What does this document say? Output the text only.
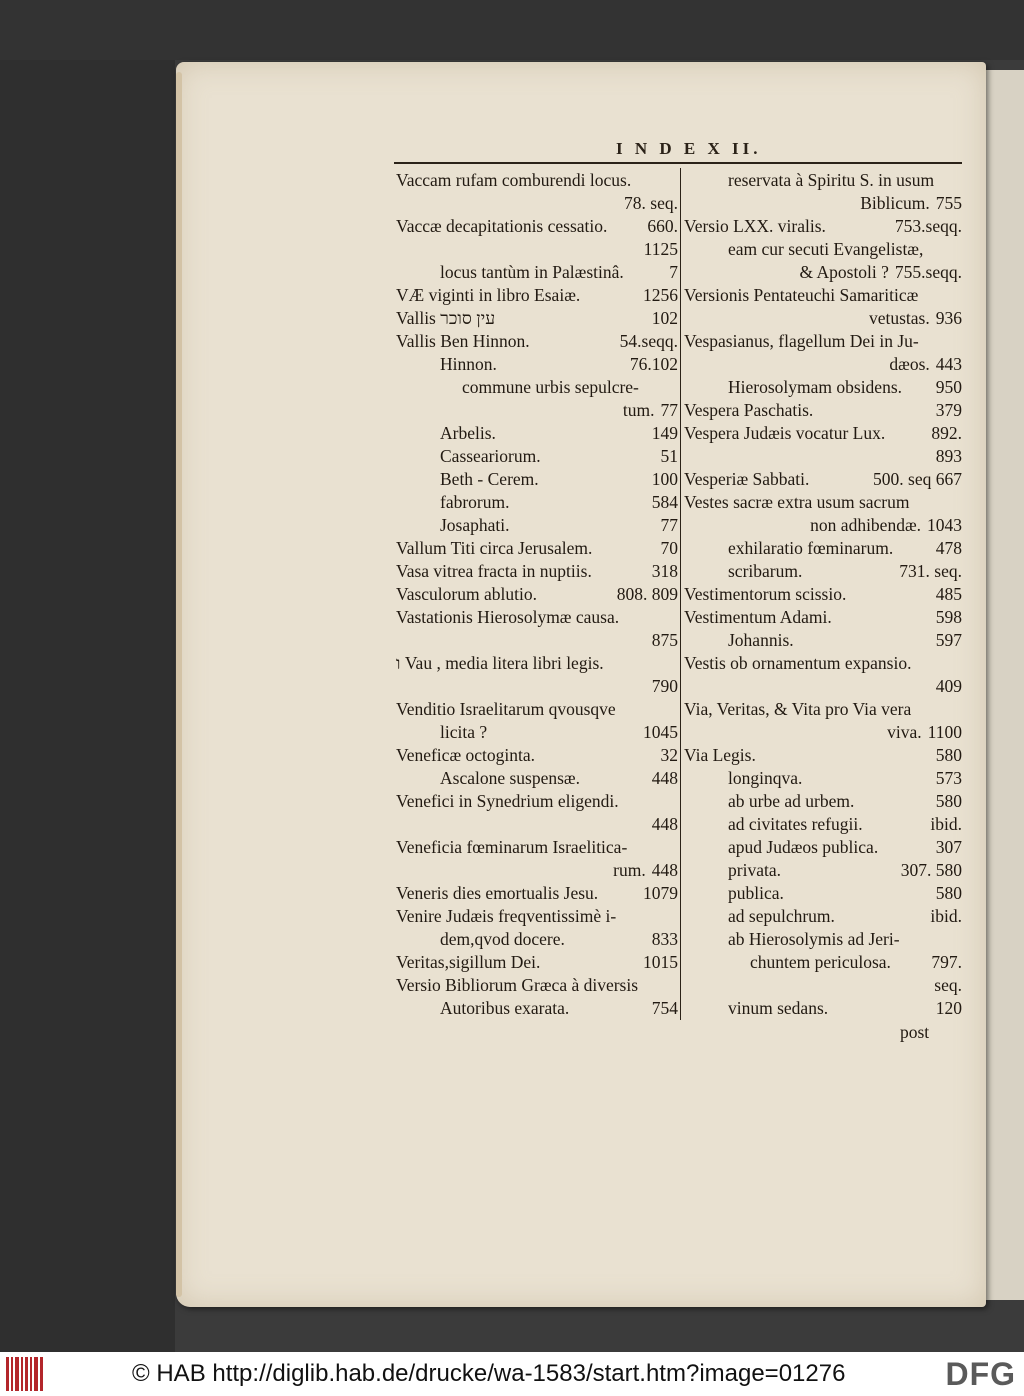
I N D E X II.
Vaccam rufam comburendi locus.
78. seq.
Vaccæ decapitationis cessatio.	660.
1125
locus tantùm in Palæstinâ.	7
VÆ viginti in libro Esaiæ.	1256
Vallis עין סוכר	102
Vallis Ben Hinnon.	54.seqq.
Hinnon.	76.102
commune urbis sepulcre-
tum. 77
Arbelis.	149
Casseariorum.	51
Beth - Cerem.	100
fabrorum.	584
Josaphati.	77
Vallum Titi circa Jerusalem.	70
Vasa vitrea fracta in nuptiis.	318
Vasculorum ablutio.	808. 809
Vastationis Hierosolymæ causa.
875
ו Vau , media litera libri legis.
790
Venditio Israelitarum qvousqve
licita ?	1045
Veneficæ octoginta.	32
Ascalone suspensæ.	448
Venefici in Synedrium eligendi.
448
Veneficia fœminarum Israelitica-
rum. 448
Veneris dies emortualis Jesu.	1079
Venire Judæis freqventissimè i-
dem,qvod docere.	833
Veritas,sigillum Dei.	1015
Versio Bibliorum Græca à diversis
Autoribus exarata.	754
reservata à Spiritu S. in usum
Biblicum. 755
Versio LXX. viralis.	753.seqq.
eam cur secuti Evangelistæ,
& Apostoli ? 755.seqq.
Versionis Pentateuchi Samariticæ
vetustas. 936
Vespasianus, flagellum Dei in Ju-
dæos. 443
Hierosolymam obsidens.	950
Vespera Paschatis.	379
Vespera Judæis vocatur Lux.	892.
893
Vesperiæ Sabbati.	500. seq 667
Vestes sacræ extra usum sacrum
non adhibendæ. 1043
exhilaratio fœminarum.	478
scribarum.	731. seq.
Vestimentorum scissio.	485
Vestimentum Adami.	598
Johannis.	597
Vestis ob ornamentum expansio.
409
Via, Veritas, & Vita pro Via vera
viva. 1100
Via Legis.	580
longinqva.	573
ab urbe ad urbem.	580
ad civitates refugii.	ibid.
apud Judæos publica.	307
privata.	307. 580
publica.	580
ad sepulchrum.	ibid.
ab Hierosolymis ad Jeri-
chuntem periculosa.	797.
seq.
vinum sedans.	120
post
© HAB http://diglib.hab.de/drucke/wa-1583/start.htm?image=01276	DFG
